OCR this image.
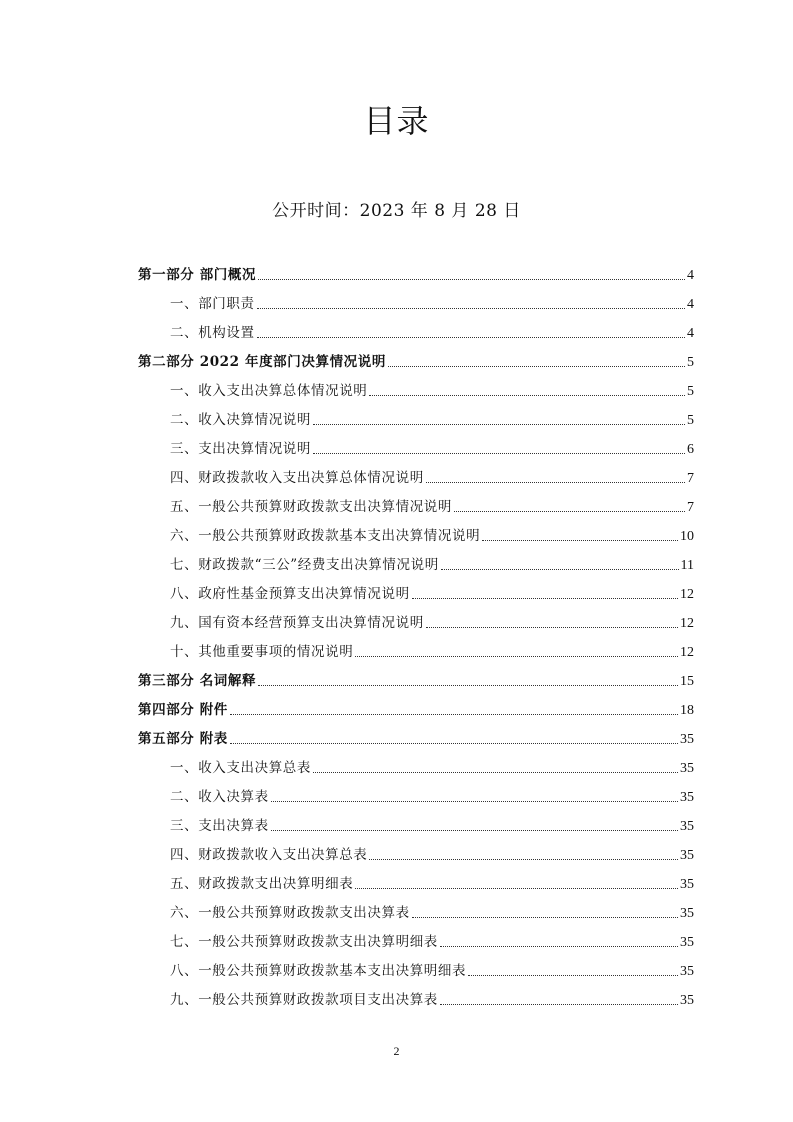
目录
公开时间：2023 年 8 月 28 日
第一部分 部门概况	4
一、部门职责	4
二、机构设置	4
第二部分 2022 年度部门决算情况说明	5
一、收入支出决算总体情况说明	5
二、收入决算情况说明	5
三、支出决算情况说明	6
四、财政拨款收入支出决算总体情况说明	7
五、一般公共预算财政拨款支出决算情况说明	7
六、一般公共预算财政拨款基本支出决算情况说明	10
七、财政拨款“三公”经费支出决算情况说明	11
八、政府性基金预算支出决算情况说明	12
九、国有资本经营预算支出决算情况说明	12
十、其他重要事项的情况说明	12
第三部分 名词解释	15
第四部分 附件	18
第五部分 附表	35
一、收入支出决算总表	35
二、收入决算表	35
三、支出决算表	35
四、财政拨款收入支出决算总表	35
五、财政拨款支出决算明细表	35
六、一般公共预算财政拨款支出决算表	35
七、一般公共预算财政拨款支出决算明细表	35
八、一般公共预算财政拨款基本支出决算明细表	35
九、一般公共预算财政拨款项目支出决算表	35
2
